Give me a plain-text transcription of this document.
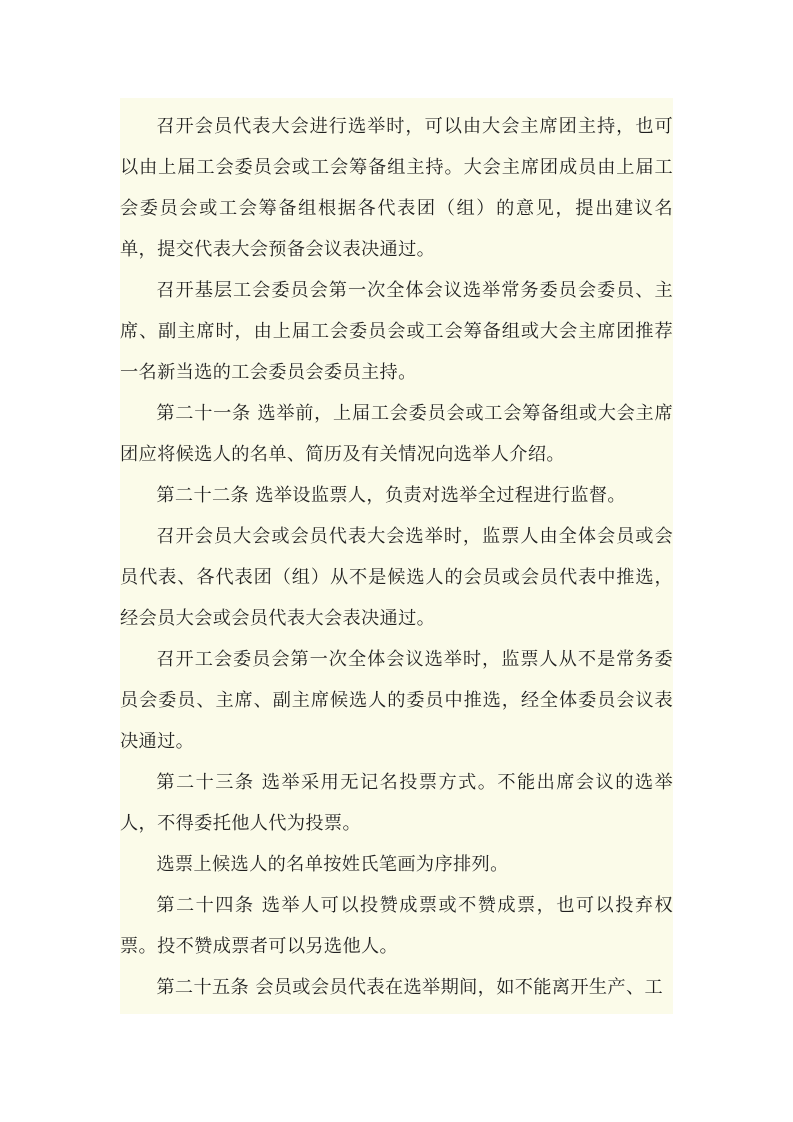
召开会员代表大会进行选举时，可以由大会主席团主持，也可以由上届工会委员会或工会筹备组主持。大会主席团成员由上届工会委员会或工会筹备组根据各代表团（组）的意见，提出建议名单，提交代表大会预备会议表决通过。

召开基层工会委员会第一次全体会议选举常务委员会委员、主席、副主席时，由上届工会委员会或工会筹备组或大会主席团推荐一名新当选的工会委员会委员主持。

第二十一条 选举前，上届工会委员会或工会筹备组或大会主席团应将候选人的名单、简历及有关情况向选举人介绍。

第二十二条 选举设监票人，负责对选举全过程进行监督。

召开会员大会或会员代表大会选举时，监票人由全体会员或会员代表、各代表团（组）从不是候选人的会员或会员代表中推选，经会员大会或会员代表大会表决通过。

召开工会委员会第一次全体会议选举时，监票人从不是常务委员会委员、主席、副主席候选人的委员中推选，经全体委员会议表决通过。

第二十三条 选举采用无记名投票方式。不能出席会议的选举人，不得委托他人代为投票。

选票上候选人的名单按姓氏笔画为序排列。

第二十四条 选举人可以投赞成票或不赞成票，也可以投弃权票。投不赞成票者可以另选他人。

第二十五条 会员或会员代表在选举期间，如不能离开生产、工
